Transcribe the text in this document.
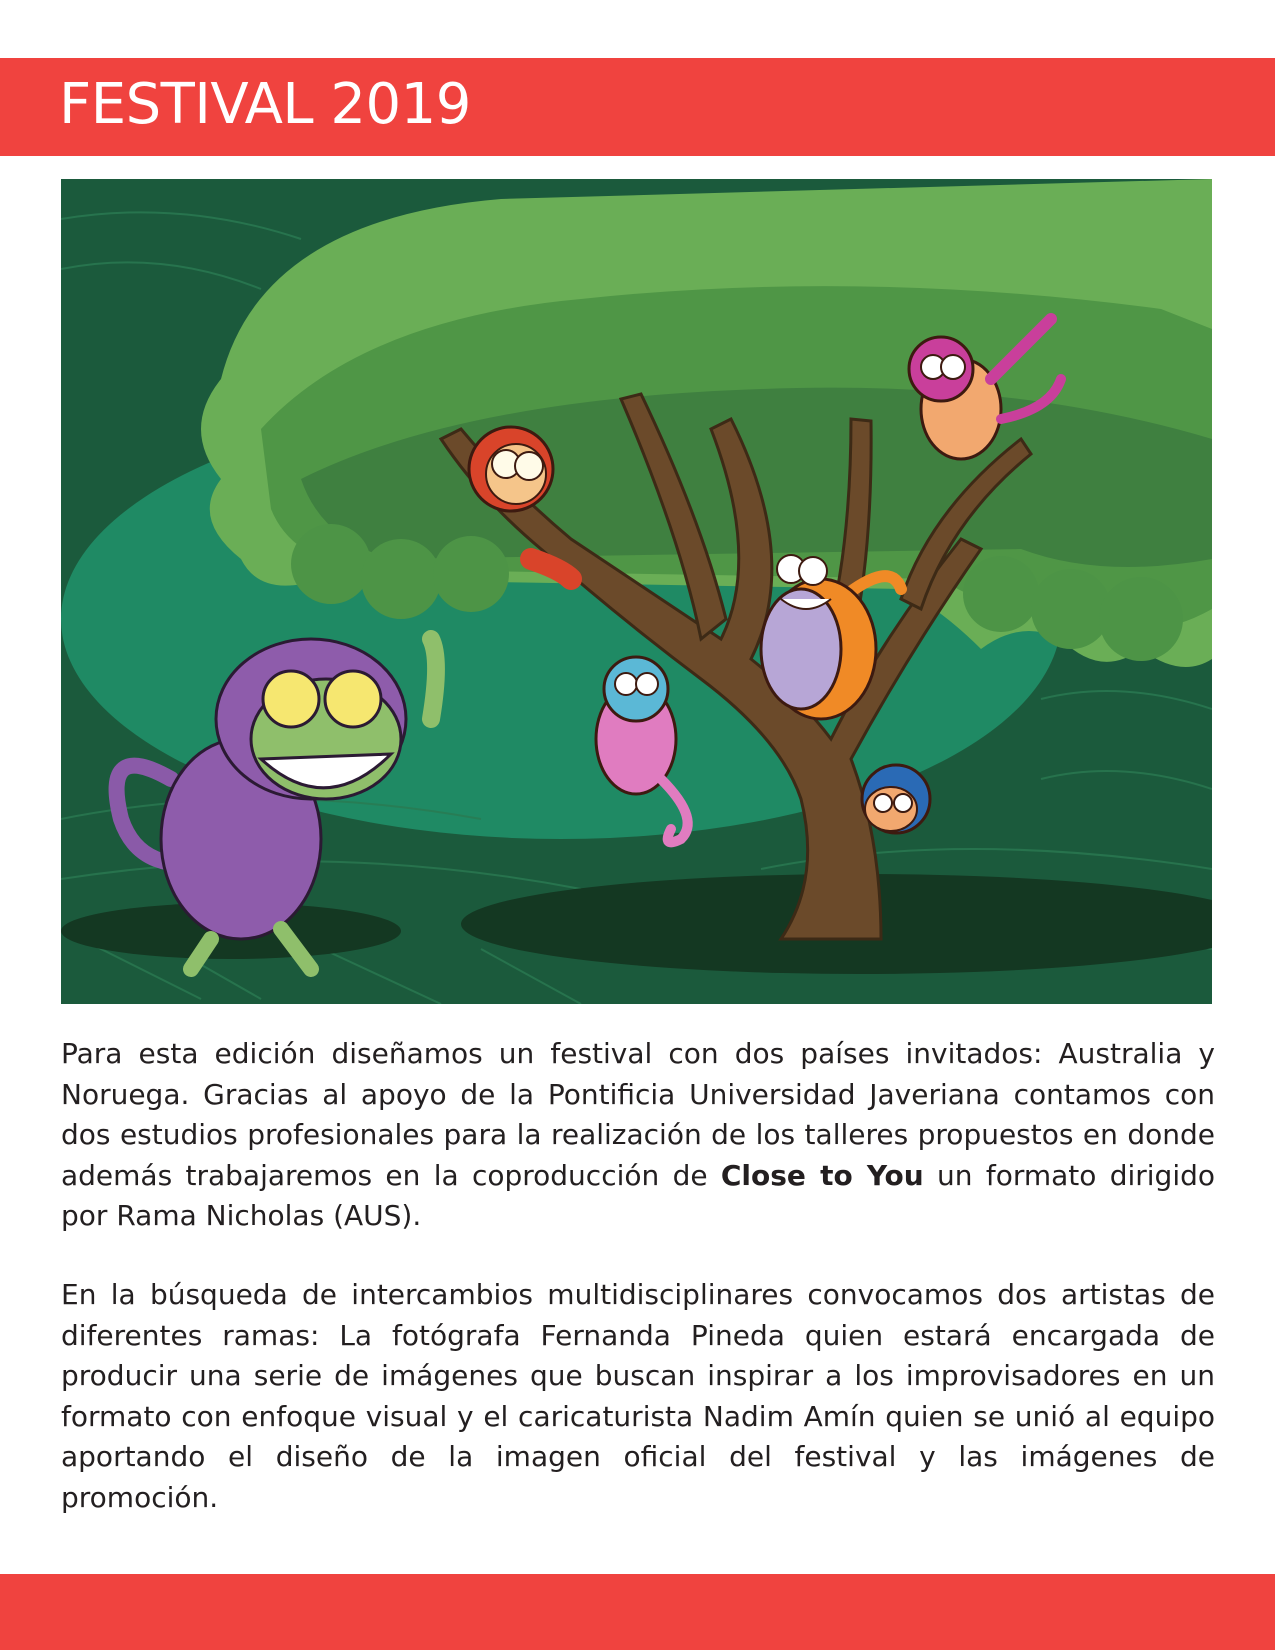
FESTIVAL 2019

Para esta edición diseñamos un festival con dos países invitados: Australia y Noruega. Gracias al apoyo de la Pontificia Universidad Javeriana contamos con dos estudios profesionales para la realización de los talleres propuestos en donde además trabajaremos en la coproducción de Close to You un formato dirigido por Rama Nicholas (AUS).

En la búsqueda de intercambios multidisciplinares convocamos dos artistas de diferentes ramas: La fotógrafa Fernanda Pineda quien estará encargada de producir una serie de imágenes que buscan inspirar a los improvisadores en un formato con enfoque visual y el caricaturista Nadim Amín quien se unió al equipo aportando el diseño de la imagen oficial del festival y las imágenes de promoción.
